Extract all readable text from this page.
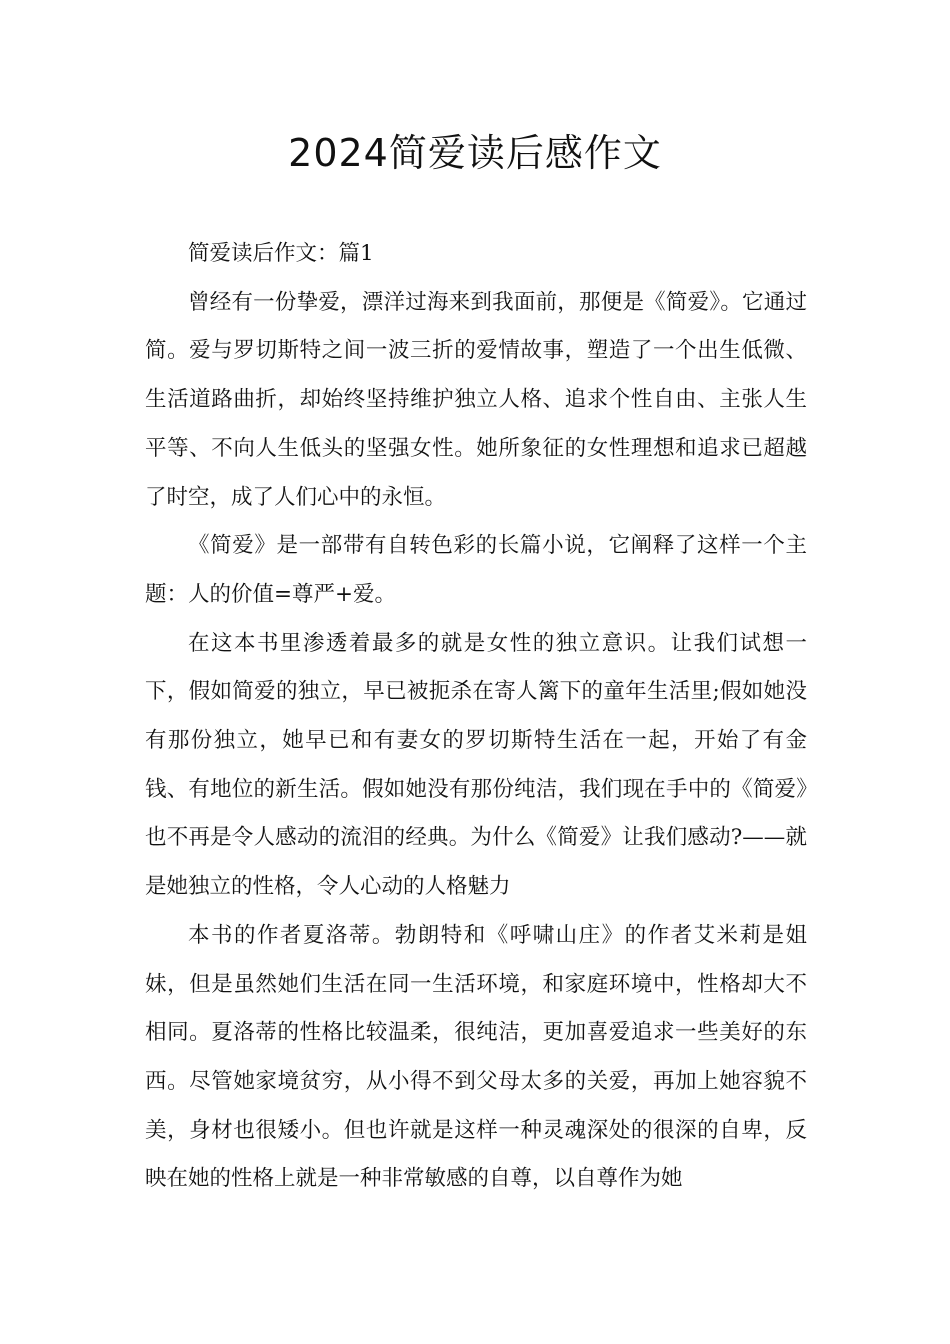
2024简爱读后感作文

简爱读后作文：篇1

曾经有一份挚爱，漂洋过海来到我面前，那便是《简爱》。它通过简。爱与罗切斯特之间一波三折的爱情故事，塑造了一个出生低微、生活道路曲折，却始终坚持维护独立人格、追求个性自由、主张人生平等、不向人生低头的坚强女性。她所象征的女性理想和追求已超越了时空，成了人们心中的永恒。

《简爱》是一部带有自转色彩的长篇小说，它阐释了这样一个主题：人的价值=尊严+爱。

在这本书里渗透着最多的就是女性的独立意识。让我们试想一下，假如简爱的独立，早已被扼杀在寄人篱下的童年生活里;假如她没有那份独立，她早已和有妻女的罗切斯特生活在一起，开始了有金钱、有地位的新生活。假如她没有那份纯洁，我们现在手中的《简爱》也不再是令人感动的流泪的经典。为什么《简爱》让我们感动?——就是她独立的性格，令人心动的人格魅力

本书的作者夏洛蒂。勃朗特和《呼啸山庄》的作者艾米莉是姐妹，但是虽然她们生活在同一生活环境，和家庭环境中，性格却大不相同。夏洛蒂的性格比较温柔，很纯洁，更加喜爱追求一些美好的东西。尽管她家境贫穷，从小得不到父母太多的关爱，再加上她容貌不美，身材也很矮小。但也许就是这样一种灵魂深处的很深的自卑，反映在她的性格上就是一种非常敏感的自尊，以自尊作为她
